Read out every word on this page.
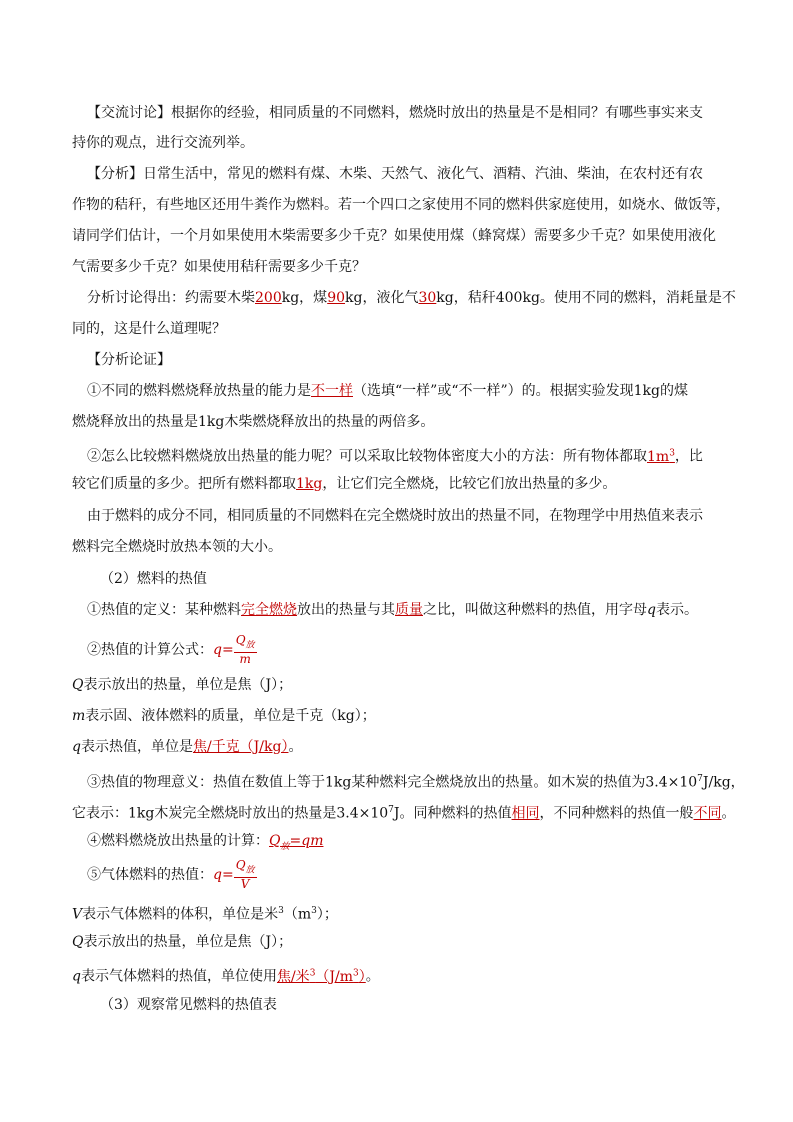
【交流讨论】根据你的经验，相同质量的不同燃料，燃烧时放出的热量是不是相同？有哪些事实来支
持你的观点，进行交流列举。
【分析】日常生活中，常见的燃料有煤、木柴、天然气、液化气、酒精、汽油、柴油，在农村还有农
作物的秸秆，有些地区还用牛粪作为燃料。若一个四口之家使用不同的燃料供家庭使用，如烧水、做饭等，
请同学们估计，一个月如果使用木柴需要多少千克？如果使用煤（蜂窝煤）需要多少千克？如果使用液化
气需要多少千克？如果使用秸秆需要多少千克？
分析讨论得出：约需要木柴200kg，煤90kg，液化气30kg，秸秆400kg。使用不同的燃料，消耗量是不
同的，这是什么道理呢？
【分析论证】
①不同的燃料燃烧释放热量的能力是不一样（选填“一样”或“不一样”）的。根据实验发现1kg的煤
燃烧释放出的热量是1kg木柴燃烧释放出的热量的两倍多。
②怎么比较燃料燃烧放出热量的能力呢？可以采取比较物体密度大小的方法：所有物体都取$1m^3$，比
较它们质量的多少。把所有燃料都取1kg，让它们完全燃烧，比较它们放出热量的多少。
由于燃料的成分不同，相同质量的不同燃料在完全燃烧时放出的热量不同，在物理学中用热值来表示
燃料完全燃烧时放热本领的大小。
（2）燃料的热值
①热值的定义：某种燃料完全燃烧放出的热量与其质量之比，叫做这种燃料的热值，用字母q表示。
②热值的计算公式：$q= \frac{Q_放}{m}$
Q表示放出的热量，单位是焦（J）；
m表示固、液体燃料的质量，单位是千克（kg）；
q表示热值，单位是焦/千克（J/kg）。
③热值的物理意义：热值在数值上等于1kg某种燃料完全燃烧放出的热量。如木炭的热值为$3.4\times 10^7J/kg$，
它表示：1kg木炭完全燃烧时放出的热量是$3.4\times 10^7J$。同种燃料的热值相同，不同种燃料的热值一般不同。
④燃料燃烧放出热量的计算：$Q_放=qm$
⑤气体燃料的热值：$q= \frac{Q_放}{V}$
V表示气体燃料的体积，单位是米$^3(m^3)$；
Q表示放出的热量，单位是焦（J）；
q表示气体燃料的热值，单位使用焦/米$^3(J/m^3)$。
（3）观察常见燃料的热值表
